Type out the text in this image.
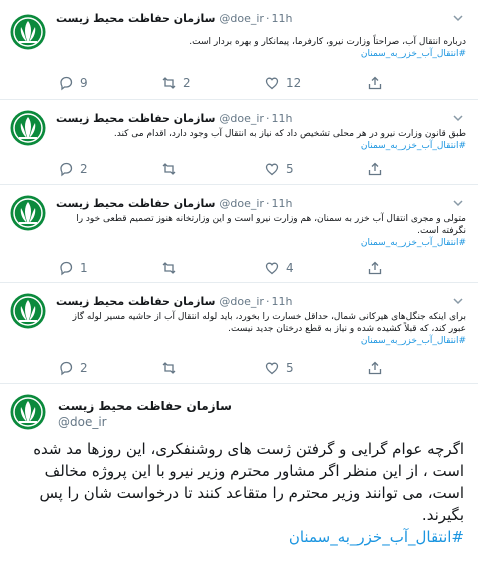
سازمان حفاظت محیط زیست @doe_ir · 11h
درباره انتقال آب، صراحتاً وزارت نیرو، کارفرما، پیمانکار و بهره بردار است.
#انتقال_آب_خزر_به_سمنان
9	2	12
سازمان حفاظت محیط زیست @doe_ir · 11h
طبق قانون وزارت نیرو در هر محلی تشخیص داد که نیاز به انتقال آب وجود دارد، اقدام می کند.
#انتقال_آب_خزر_به_سمنان
2	5
سازمان حفاظت محیط زیست @doe_ir · 11h
متولی و مجری انتقال آب خزر به سمنان، هم وزارت نیرو است و این وزارتخانه هنوز تصمیم قطعی خود را نگرفته است.
#انتقال_آب_خزر_به_سمنان
1	4
سازمان حفاظت محیط زیست @doe_ir · 11h
برای اینکه جنگل‌های هیرکانی شمال، حداقل خسارت را بخورد، باید لوله انتقال آب از حاشیه مسیر لوله گاز عبور کند، که قبلاً کشیده شده و نیاز به قطع درختان جدید نیست.
#انتقال_آب_خزر_به_سمنان
2	5
سازمان حفاظت محیط زیست
@doe_ir
اگرچه عوام گرایی و گرفتن ژست های روشنفکری، این روزها مد شده است ، از این منظر اگر مشاور محترم وزیر نیرو با این پروژه مخالف است، می توانند وزیر محترم را متقاعد کنند تا درخواست شان را پس بگیرند.

#انتقال_آب_خزر_به_سمنان
